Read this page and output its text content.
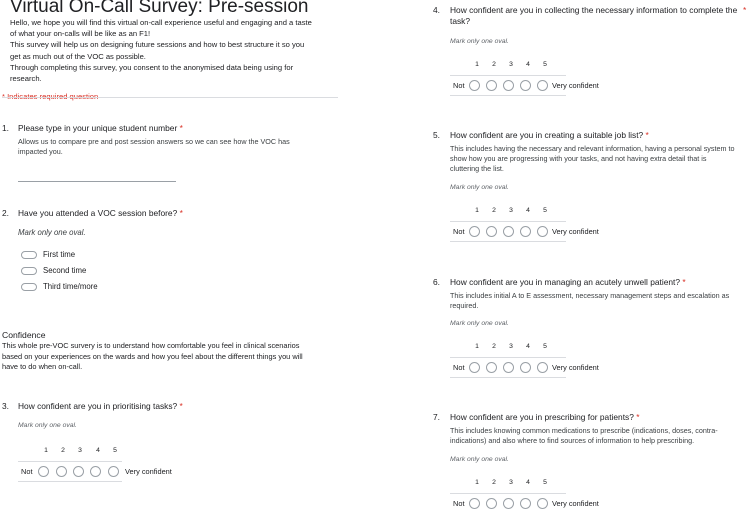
Virtual On-Call Survey: Pre-session
Hello, we hope you will find this virtual on-call experience useful and engaging and a taste
of what your on-calls will be like as an F1!
This survey will help us on designing future sessions and how to best structure it so you
get as much out of the VOC as possible.
Through completing this survey, you consent to the anonymised data being using for
research.
1. Please type in your unique student number *
Allows us to compare pre and post session answers so we can see how the VOC has
impacted you.
2. Have you attended a VOC session before? *
Mark only one oval.
First time
Second time
Third time/more
Confidence
This whole pre-VOC survery is to understand how comfortable you feel in clinical scenarios
based on your experiences on the wards and how you feel about the different things you will
have to do when on-call.
3. How confident are you in prioritising tasks? *
Mark only one oval.
1	2	3	4	5
Not	Very confident
4. How confident are you in collecting the necessary information to complete the
task?
*
Mark only one oval.
1	2	3	4	5
Not	Very confident
5. How confident are you in creating a suitable job list? *
This includes having the necessary and relevant information, having a personal system to
show how you are progressing with your tasks, and not having extra detail that is
cluttering the list.
Mark only one oval.
1	2	3	4	5
Not	Very confident
6. How confident are you in managing an acutely unwell patient? *
This includes initial A to E assessment, necessary management steps and escalation as
required.
Mark only one oval.
1	2	3	4	5
Not	Very confident
7. How confident are you in prescribing for patients? *
This includes knowing common medications to prescribe (indications, doses, contra-
indications) and also where to find sources of information to help prescribing.
Mark only one oval.
1	2	3	4	5
Not	Very confident
